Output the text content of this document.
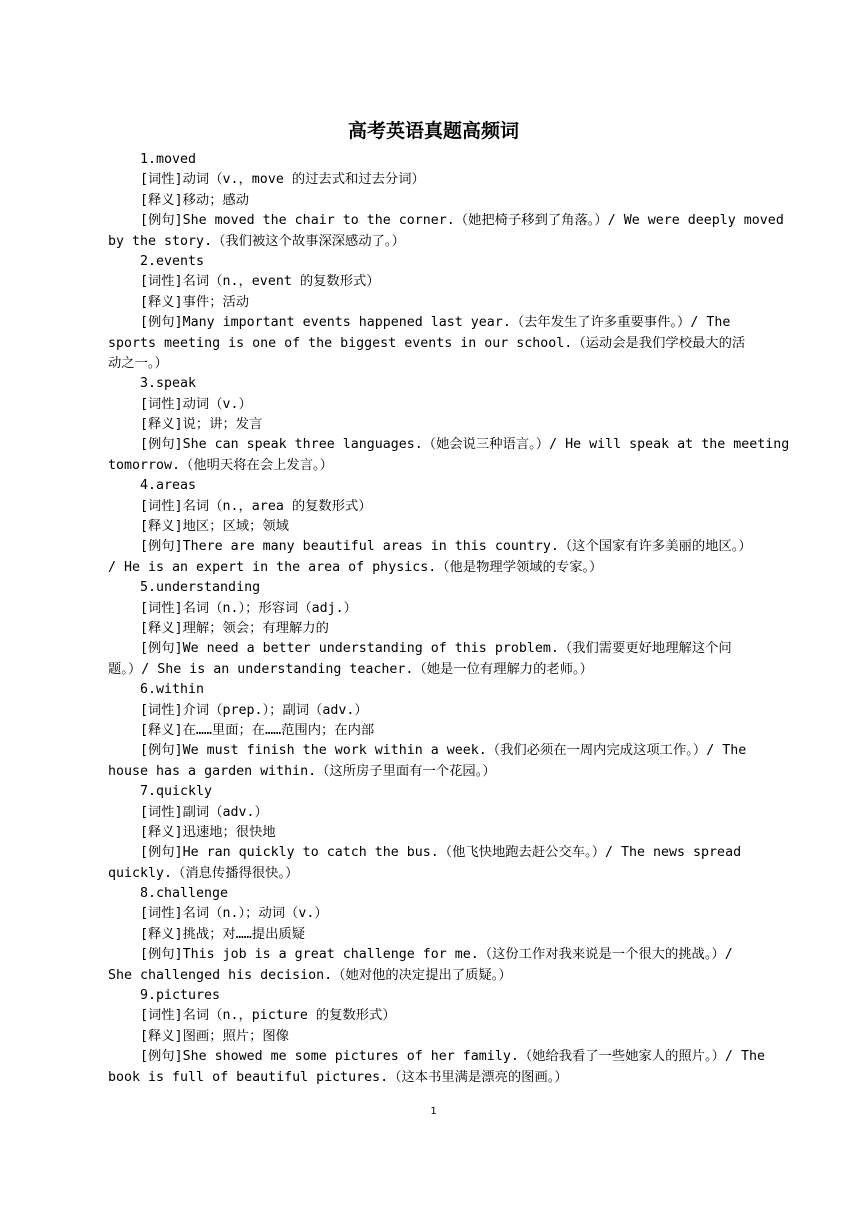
高考英语真题高频词
1.moved
[词性]动词（v.，move 的过去式和过去分词）
[释义]移动；感动
[例句]She moved the chair to the corner.（她把椅子移到了角落。）/ We were deeply moved
by the story.（我们被这个故事深深感动了。）
2.events
[词性]名词（n.，event 的复数形式）
[释义]事件；活动
[例句]Many important events happened last year.（去年发生了许多重要事件。）/ The
sports meeting is one of the biggest events in our school.（运动会是我们学校最大的活
动之一。）
3.speak
[词性]动词（v.）
[释义]说；讲；发言
[例句]She can speak three languages.（她会说三种语言。）/ He will speak at the meeting
tomorrow.（他明天将在会上发言。）
4.areas
[词性]名词（n.，area 的复数形式）
[释义]地区；区域；领域
[例句]There are many beautiful areas in this country.（这个国家有许多美丽的地区。）
/ He is an expert in the area of physics.（他是物理学领域的专家。）
5.understanding
[词性]名词（n.）；形容词（adj.）
[释义]理解；领会；有理解力的
[例句]We need a better understanding of this problem.（我们需要更好地理解这个问
题。）/ She is an understanding teacher.（她是一位有理解力的老师。）
6.within
[词性]介词（prep.）；副词（adv.）
[释义]在……里面；在……范围内；在内部
[例句]We must finish the work within a week.（我们必须在一周内完成这项工作。）/ The
house has a garden within.（这所房子里面有一个花园。）
7.quickly
[词性]副词（adv.）
[释义]迅速地；很快地
[例句]He ran quickly to catch the bus.（他飞快地跑去赶公交车。）/ The news spread
quickly.（消息传播得很快。）
8.challenge
[词性]名词（n.）；动词（v.）
[释义]挑战；对……提出质疑
[例句]This job is a great challenge for me.（这份工作对我来说是一个很大的挑战。）/
She challenged his decision.（她对他的决定提出了质疑。）
9.pictures
[词性]名词（n.，picture 的复数形式）
[释义]图画；照片；图像
[例句]She showed me some pictures of her family.（她给我看了一些她家人的照片。）/ The
book is full of beautiful pictures.（这本书里满是漂亮的图画。）
1
